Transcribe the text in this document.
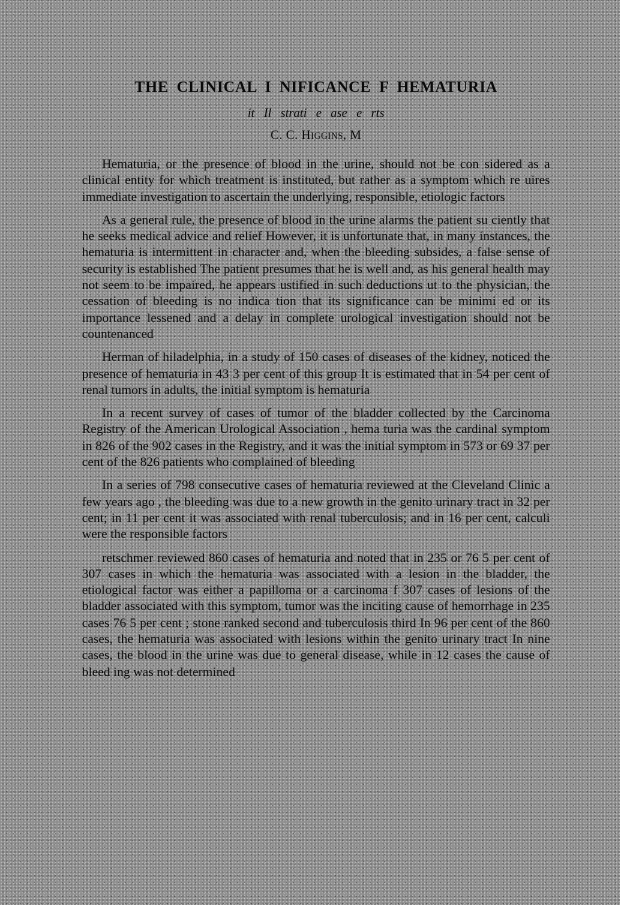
THE CLINICAL I NIFICANCE F HEMATURIA
it Il strati e ase e rts
C. C. Higgins, M

Hematuria, or the presence of blood in the urine, should not be con sidered as a clinical entity for which treatment is instituted, but rather as a symptom which re uires immediate investigation to ascertain the underlying, responsible, etiologic factors

As a general rule, the presence of blood in the urine alarms the patient su ciently that he seeks medical advice and relief However, it is unfortunate that, in many instances, the hematuria is intermittent in character and, when the bleeding subsides, a false sense of security is established The patient presumes that he is well and, as his general health may not seem to be impaired, he appears ustified in such deductions ut to the physician, the cessation of bleeding is no indica tion that its significance can be minimi ed or its importance lessened and a delay in complete urological investigation should not be countenanced

Herman of hiladelphia, in a study of 150 cases of diseases of the kidney, noticed the presence of hematuria in 43 3 per cent of this group It is estimated that in 54 per cent of renal tumors in adults, the initial symptom is hematuria

In a recent survey of cases of tumor of the bladder collected by the Carcinoma Registry of the American Urological Association , hema turia was the cardinal symptom in 826 of the 902 cases in the Registry, and it was the initial symptom in 573 or 69 37 per cent of the 826 patients who complained of bleeding

In a series of 798 consecutive cases of hematuria reviewed at the Cleveland Clinic a few years ago , the bleeding was due to a new growth in the genito urinary tract in 32 per cent; in 11 per cent it was associated with renal tuberculosis; and in 16 per cent, calculi were the responsible factors

retschmer reviewed 860 cases of hematuria and noted that in 235 or 76 5 per cent of 307 cases in which the hematuria was associated with a lesion in the bladder, the etiological factor was either a papilloma or a carcinoma f 307 cases of lesions of the bladder associated with this symptom, tumor was the inciting cause of hemorrhage in 235 cases 76 5 per cent ; stone ranked second and tuberculosis third In 96 per cent of the 860 cases, the hematuria was associated with lesions within the genito urinary tract In nine cases, the blood in the urine was due to general disease, while in 12 cases the cause of bleed ing was not determined
